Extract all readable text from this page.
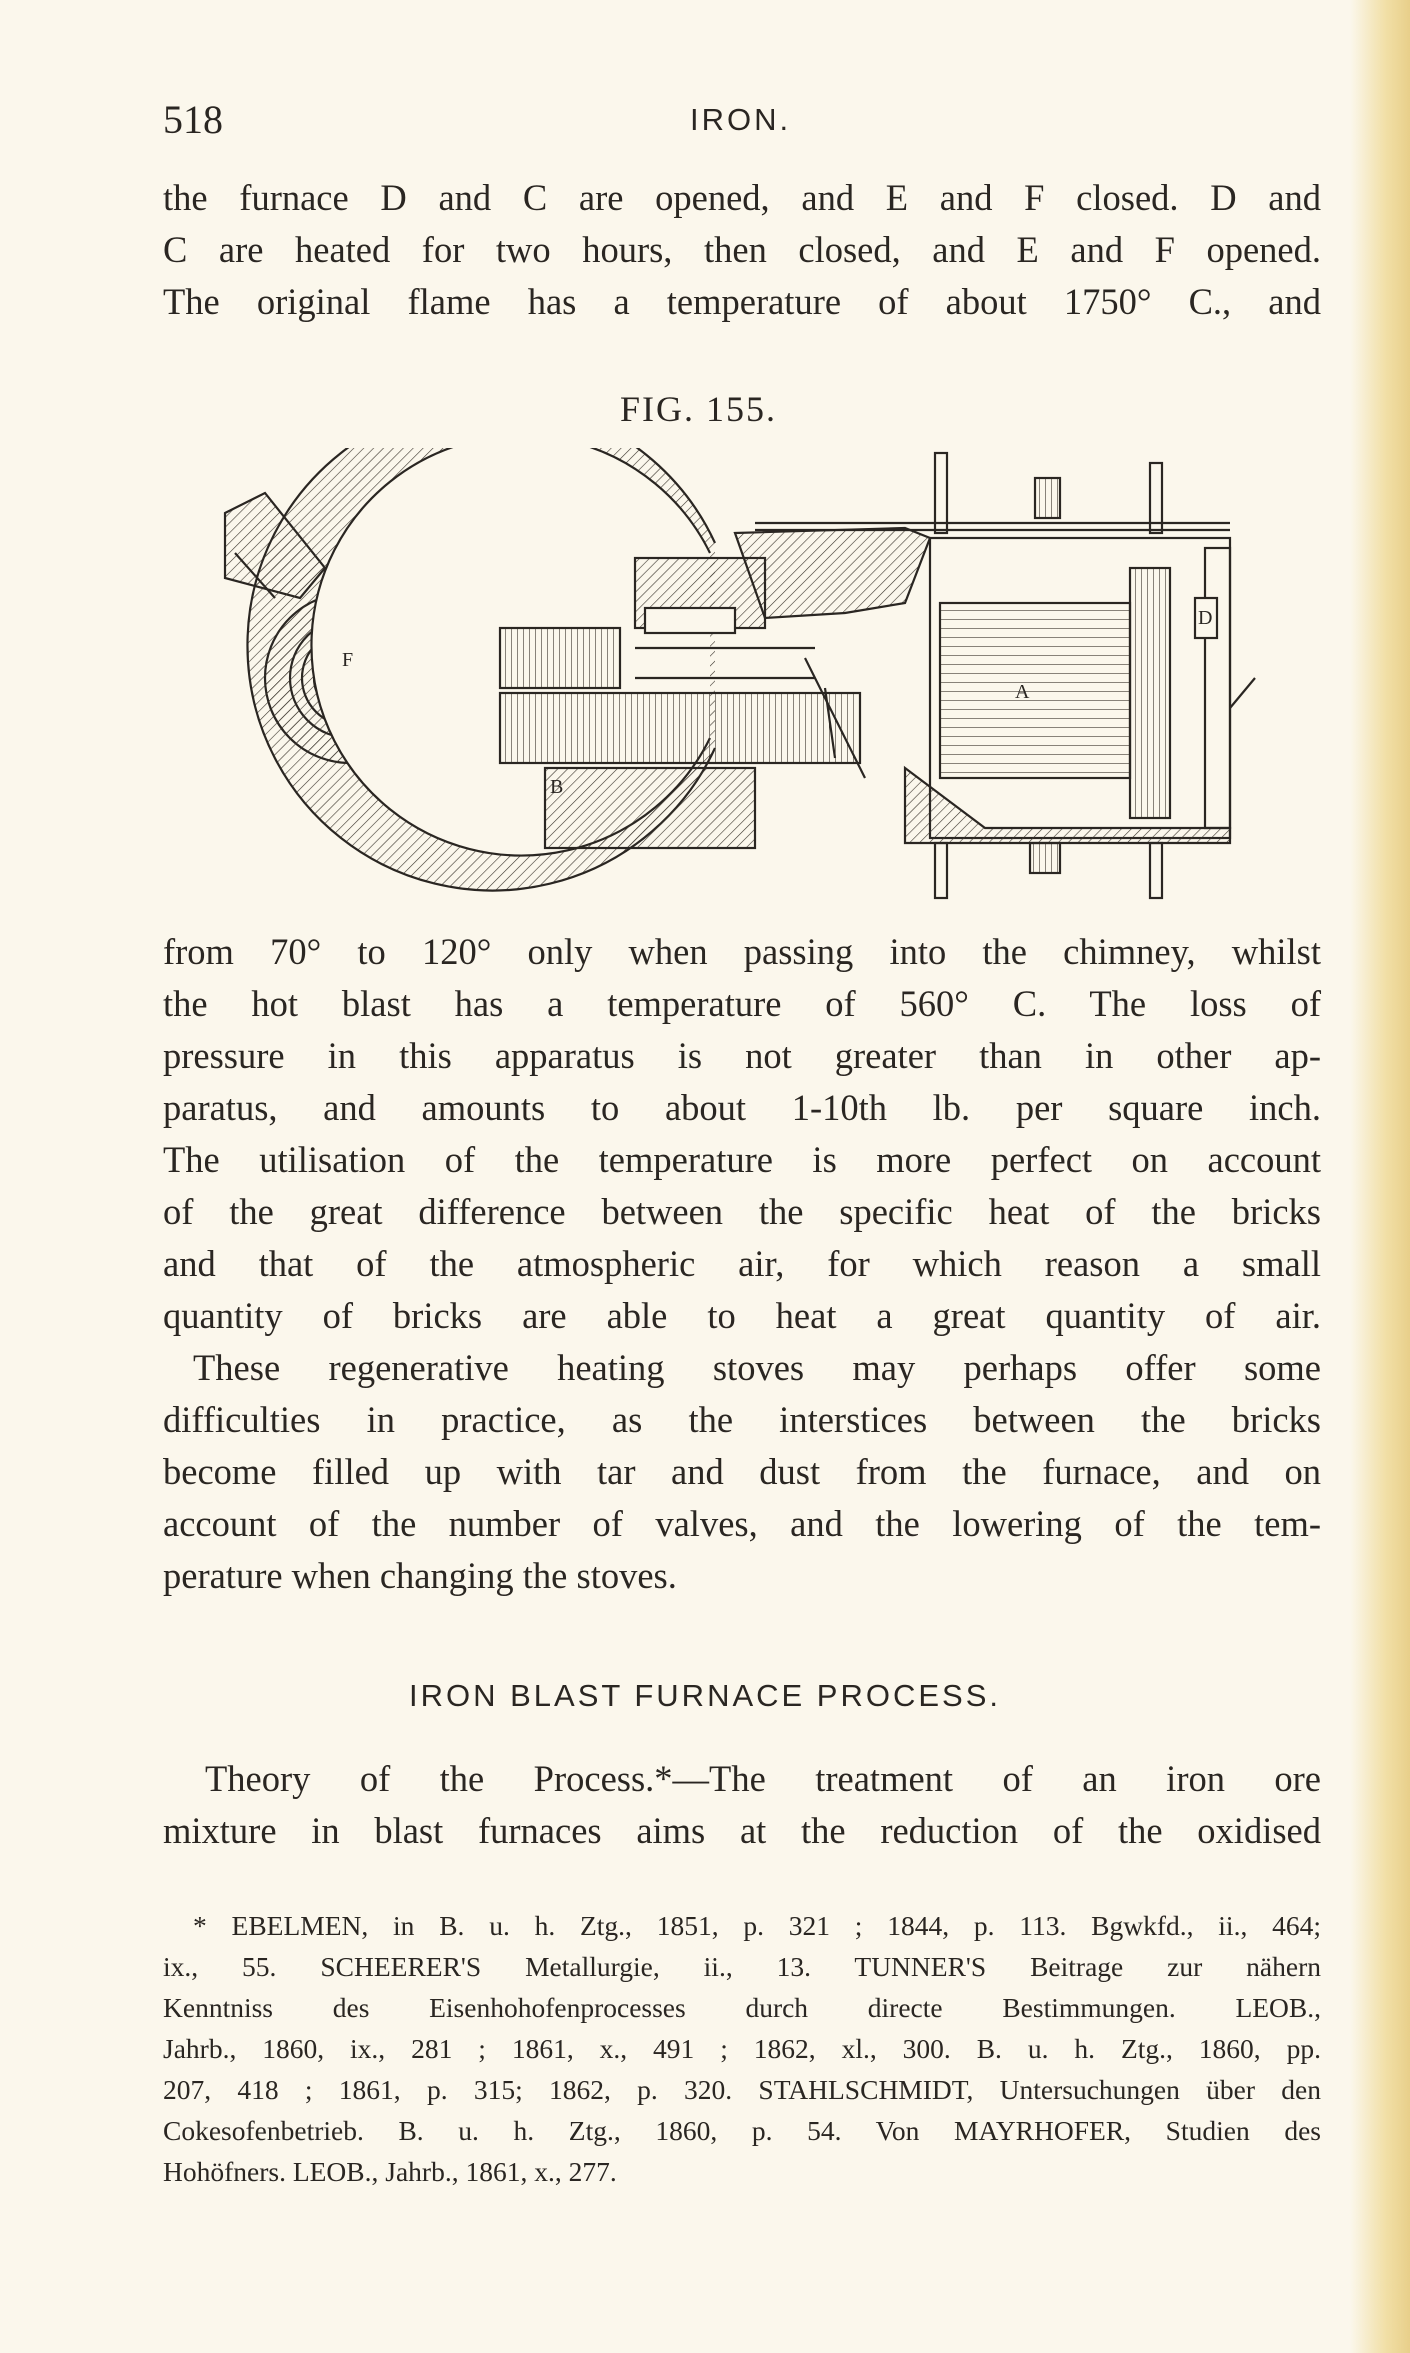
518	IRON.
the furnace D and C are opened, and E and F closed. D and
C are heated for two hours, then closed, and E and F opened.
The original flame has a temperature of about 1750° C., and
FIG. 155.
F
A
B
D
from 70° to 120° only when passing into the chimney, whilst
the hot blast has a temperature of 560° C. The loss of
pressure in this apparatus is not greater than in other ap-
paratus, and amounts to about 1-10th lb. per square inch.
The utilisation of the temperature is more perfect on account
of the great difference between the specific heat of the bricks
and that of the atmospheric air, for which reason a small
quantity of bricks are able to heat a great quantity of air.
These regenerative heating stoves may perhaps offer some
difficulties in practice, as the interstices between the bricks
become filled up with tar and dust from the furnace, and on
account of the number of valves, and the lowering of the tem-
perature when changing the stoves.
IRON BLAST FURNACE PROCESS.
Theory of the Process.*—The treatment of an iron ore
mixture in blast furnaces aims at the reduction of the oxidised
* EBELMEN, in B. u. h. Ztg., 1851, p. 321 ; 1844, p. 113. Bgwkfd., ii., 464;
ix., 55. SCHEERER'S Metallurgie, ii., 13. TUNNER'S Beitrage zur nähern
Kenntniss des Eisenhohofenprocesses durch directe Bestimmungen. LEOB.,
Jahrb., 1860, ix., 281 ; 1861, x., 491 ; 1862, xl., 300. B. u. h. Ztg., 1860, pp.
207, 418 ; 1861, p. 315; 1862, p. 320. STAHLSCHMIDT, Untersuchungen über den
Cokesofenbetrieb. B. u. h. Ztg., 1860, p. 54. Von MAYRHOFER, Studien des
Hohöfners. LEOB., Jahrb., 1861, x., 277.
